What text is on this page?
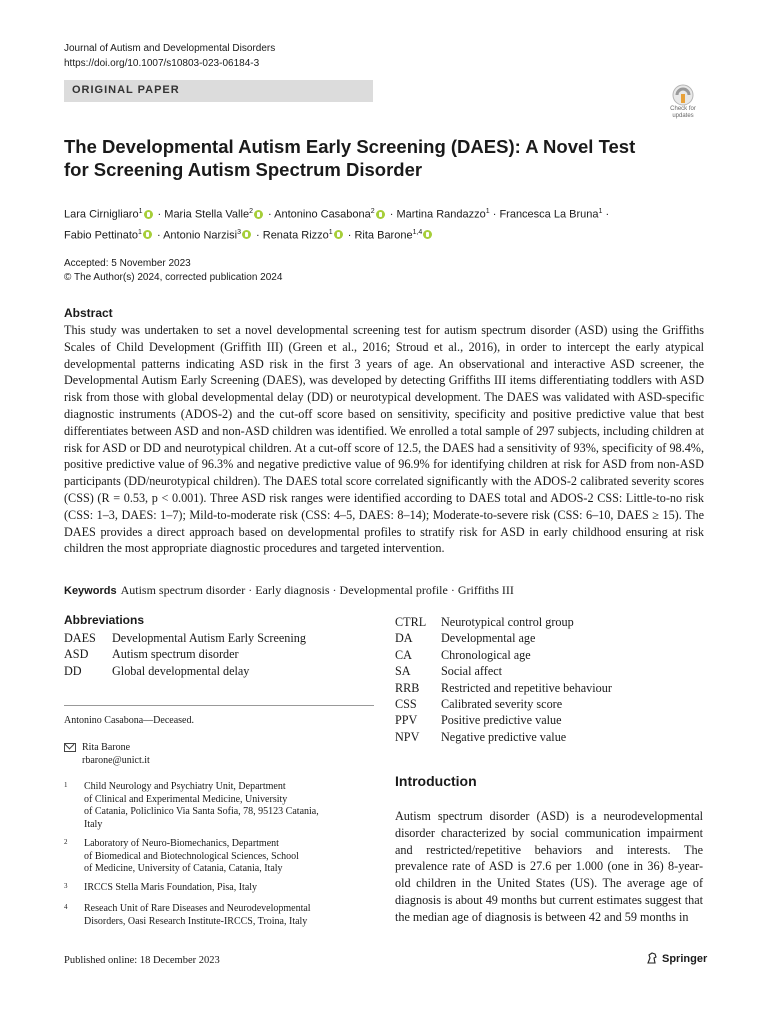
Journal of Autism and Developmental Disorders
https://doi.org/10.1007/s10803-023-06184-3
ORIGINAL PAPER
Check for
updates
The Developmental Autism Early Screening (DAES): A Novel Test
for Screening Autism Spectrum Disorder
Lara Cirnigliaro$^1$ · Maria Stella Valle$^2$ · Antonino Casabona$^2$ · Martina Randazzo$^1$ · Francesca La Bruna$^1$ ·
Fabio Pettinato$^1$ · Antonio Narzisi$^3$ · Renata Rizzo$^1$ · Rita Barone$^{1,4}$
Accepted: 5 November 2023
© The Author(s) 2024, corrected publication 2024
Abstract
This study was undertaken to set a novel developmental screening test for autism spectrum disorder (ASD) using the Griffiths Scales of Child Development (Griffith III) (Green et al., 2016; Stroud et al., 2016), in order to intercept the early atypical developmental patterns indicating ASD risk in the first 3 years of age. An observational and interactive ASD screener, the Developmental Autism Early Screening (DAES), was developed by detecting Griffiths III items differentiating toddlers with ASD risk from those with global developmental delay (DD) or neurotypical development. The DAES was validated with ASD-specific diagnostic instruments (ADOS-2) and the cut-off score based on sensitivity, specificity and positive predictive value that best differentiates between ASD and non-ASD children was identified. We enrolled a total sample of 297 subjects, including children at risk for ASD or DD and neurotypical children. At a cut-off score of 12.5, the DAES had a sensitivity of 93%, specificity of 98.4%, positive predictive value of 96.3% and negative predictive value of 96.9% for identifying children at risk for ASD from non-ASD participants (DD/neurotypical children). The DAES total score correlated significantly with the ADOS-2 calibrated severity scores (CSS) (R = 0.53, p < 0.001). Three ASD risk ranges were identified according to DAES total and ADOS-2 CSS: Little-to-no risk (CSS: 1–3, DAES: 1–7); Mild-to-moderate risk (CSS: 4–5, DAES: 8–14); Moderate-to-severe risk (CSS: 6–10, DAES ≥ 15). The DAES provides a direct approach based on developmental profiles to stratify risk for ASD in early childhood ensuring at risk children the most appropriate diagnostic procedures and targeted intervention.
Keywords Autism spectrum disorder · Early diagnosis · Developmental profile · Griffiths III
Abbreviations
DAES	Developmental Autism Early Screening
ASD	Autism spectrum disorder
DD	Global developmental delay
CTRL	Neurotypical control group
DA	Developmental age
CA	Chronological age
SA	Social affect
RRB	Restricted and repetitive behaviour
CSS	Calibrated severity score
PPV	Positive predictive value
NPV	Negative predictive value
Antonino Casabona—Deceased.
Rita Barone
rbarone@unict.it
1 Child Neurology and Psychiatry Unit, Department
of Clinical and Experimental Medicine, University
of Catania, Policlinico Via Santa Sofia, 78, 95123 Catania,
Italy
2 Laboratory of Neuro-Biomechanics, Department
of Biomedical and Biotechnological Sciences, School
of Medicine, University of Catania, Catania, Italy
3 IRCCS Stella Maris Foundation, Pisa, Italy
4 Reseach Unit of Rare Diseases and Neurodevelopmental
Disorders, Oasi Research Institute-IRCCS, Troina, Italy
Introduction
Autism spectrum disorder (ASD) is a neurodevelopmental disorder characterized by social communication impairment and restricted/repetitive behaviors and interests. The prevalence rate of ASD is 27.6 per 1.000 (one in 36) 8-year-old children in the United States (US). The average age of diagnosis is about 49 months but current estimates suggest that the median age of diagnosis is between 42 and 59 months in
Published online: 18 December 2023	Springer
